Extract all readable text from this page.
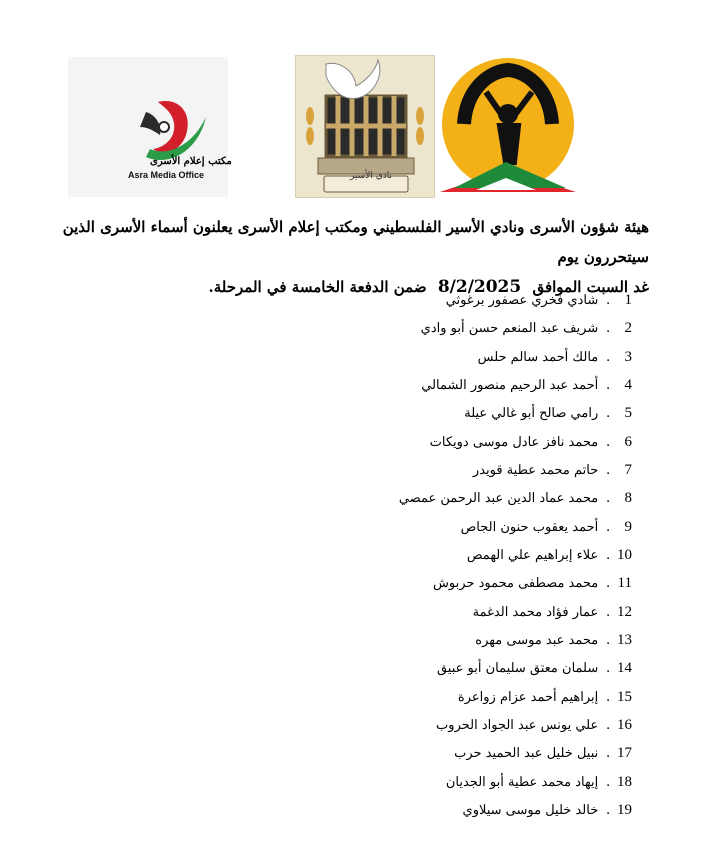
مكتب إعلام الأسرى
Asra Media Office	نادي الأسير
هيئة شؤون الأسرى ونادي الأسير الفلسطيني ومكتب إعلام الأسرى يعلنون أسماء الأسرى الذين سيتحررون يوم
غد السبت الموافق 8/2/2025 ضمن الدفعة الخامسة في المرحلة.
1.شادي فخري عصفور برغوثي
2.شريف عبد المنعم حسن أبو وادي
3.مالك أحمد سالم حلس
4.أحمد عبد الرحيم منصور الشمالي
5.رامي صالح أبو غالي عيلة
6.محمد نافز عادل موسى دويكات
7.حاتم محمد عطية قويدر
8.محمد عماد الدين عبد الرحمن عمصي
9.أحمد يعقوب حنون الجاص
10.علاء إبراهيم علي الهمص
11.محمد مصطفى محمود حربوش
12.عمار فؤاد محمد الدغمة
13.محمد عبد موسى مهره
14.سلمان معتق سليمان أبو عبيق
15.إبراهيم أحمد عزام زواعرة
16.علي يونس عبد الجواد الحروب
17.نبيل خليل عبد الحميد حرب
18.إيهاد محمد عطية أبو الجديان
19.خالد خليل موسى سيلاوي
